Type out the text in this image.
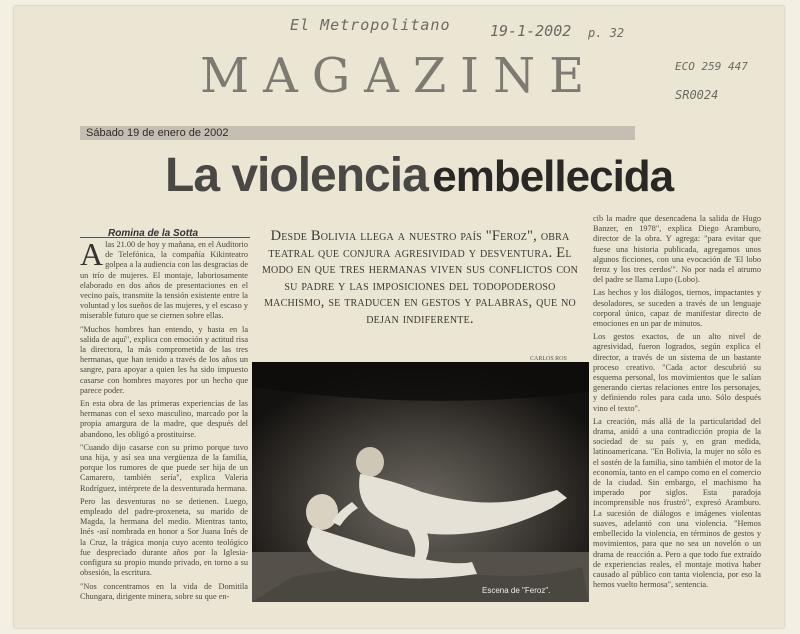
El Metropolitano	19-1-2002 p. 32
ECO 259 447
SR0024
MAGAZINE
Sábado 19 de enero de 2002
La violencia embellecida
Romina de la Sotta
A las 21.00 de hoy y mañana, en el Auditorio de Telefónica, la compañía Kikinteatro golpea a la audiencia con las desgracias de un trío de mujeres. El montaje, laboriosamente elaborado en dos años de presentaciones en el vecino país, transmite la tensión existente entre la voluntad y los sueños de las mujeres, y el escaso y miserable futuro que se ciernen sobre ellas.

"Muchos hombres han entendo, y hasta en la salida de aquí", explica con emoción y actitud risa la directora, la más comprometida de las tres hermanas, que han tenido a través de los años un sangre, para apoyar a quien les ha sido impuesto casarse con hombres mayores por un hecho que parece poder.

En esta obra de las primeras experiencias de las hermanas con el sexo masculino, marcado por la propia amargura de la madre, que después del abandono, les obligó a prostituirse.

"Cuando dijo casarse con su primo porque tuvo una hija, y así sea una vergüenza de la familia, porque los rumores de que puede ser hija de un Camarero, también sería", explica Valeria Rodríguez, intérprete de la desventurada hermana.

Pero las desventuras no se detienen. Luego, empleado del padre-proxeneta, su marido de Magda, la hermana del medio. Mientras tanto, Inés -así nombrada en honor a Sor Juana Inés de la Cruz, la trágica monja cuyo acento teológico fue despreciado durante años por la Iglesia- configura su propio mundo privado, en torno a su obsesión, la escritura.

"Nos concentramos en la vida de Domitila Chungara, dirigente minera, sobre su que en-

Desde Bolivia llega a nuestro país "Feroz", obra teatral que conjura agresividad y desventura. El modo en que tres hermanas viven sus conflictos con su padre y las imposiciones del todopoderoso machismo, se traducen en gestos y palabras, que no dejan indiferente.
CARLOS ROS
Escena de "Feroz".

cib la madre que desencadena la salida de Hugo Banzer, en 1978", explica Diego Aramburo, director de la obra. Y agrega: "para evitar que fuese una historia publicada, agregamos unos algunos ficciones, con una evocación de 'El lobo feroz y los tres cerdos'". No por nada el atrumo del padre se llama Lupo (Lobo).

Las hechos y los diálogos, tiernos, impactantes y desoladores, se suceden a través de un lenguaje corporal único, capaz de manifestar directo de emociones en un par de minutos.

Los gestos exactos, de un alto nivel de agresividad, fueron logrados, según explica el director, a través de un sistema de un bastante proceso creativo. "Cada actor descubrió su esquema personal, los movimientos que le salían generando ciertas relaciones entre los personajes, y definiendo roles para cada uno. Sólo después vino el texto".

La creación, más allá de la particularidad del drama, anidó a una contradicción propia de la sociedad de su país y, en gran medida, latinoamericana. "En Bolivia, la mujer no sólo es el sostén de la familia, sino también el motor de la economía, tanto en el campo como en el comercio de la ciudad. Sin embargo, el machismo ha imperado por siglos. Esta paradoja incomprensible nos frustró", expresó Aramburo. La sucesión de diálogos e imágenes violentas suaves, adelantó con una violencia. "Hemos embellecido la violencia, en términos de gestos y movimientos, para que no sea un novelón o un drama de reacción a. Pero a que todo fue extraído de experiencias reales, el montaje motiva haber causado al público con tanta violencia, por eso la hemos vuelto hermosa", sentencia.
